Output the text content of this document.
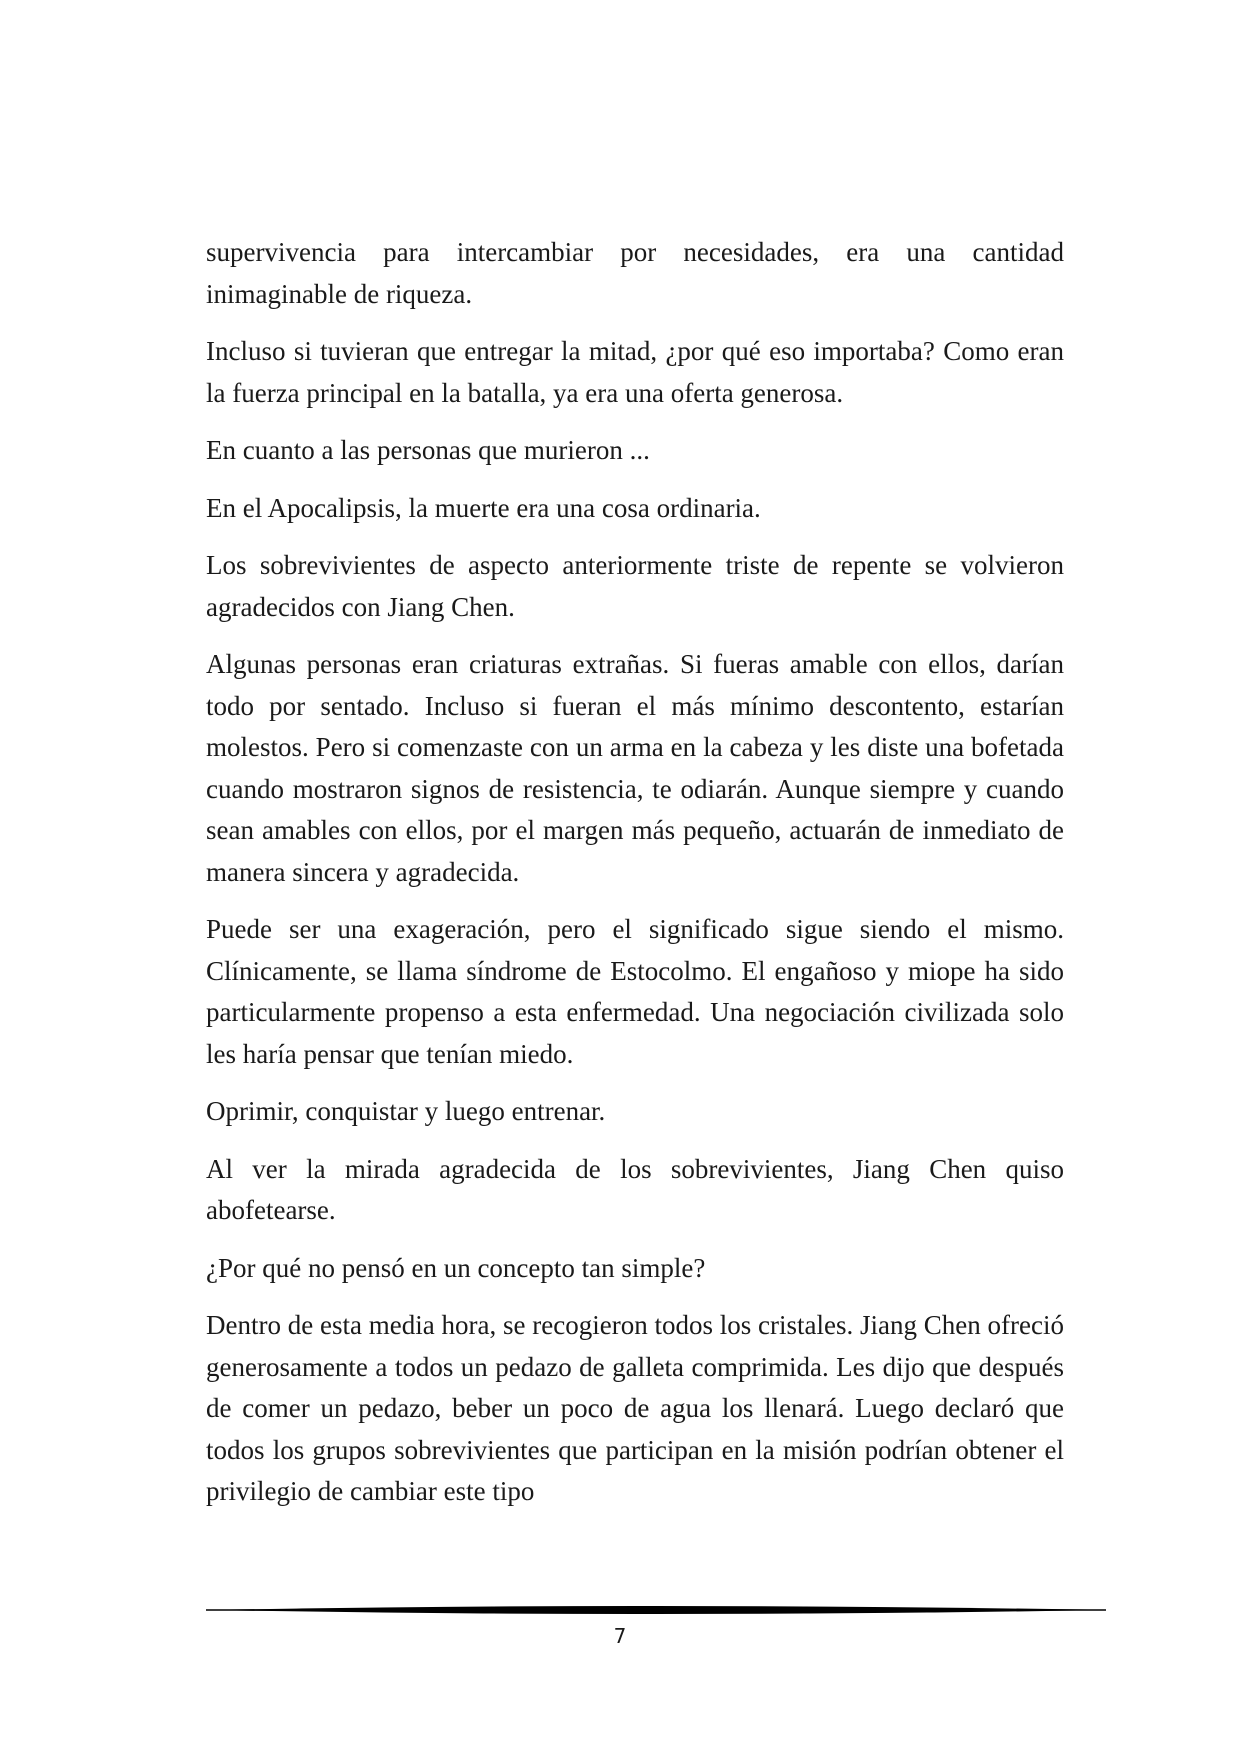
supervivencia para intercambiar por necesidades, era una cantidad inimaginable de riqueza.

Incluso si tuvieran que entregar la mitad, ¿por qué eso importaba? Como eran la fuerza principal en la batalla, ya era una oferta generosa.

En cuanto a las personas que murieron ...

En el Apocalipsis, la muerte era una cosa ordinaria.

Los sobrevivientes de aspecto anteriormente triste de repente se volvieron agradecidos con Jiang Chen.

Algunas personas eran criaturas extrañas. Si fueras amable con ellos, darían todo por sentado. Incluso si fueran el más mínimo descontento, estarían molestos. Pero si comenzaste con un arma en la cabeza y les diste una bofetada cuando mostraron signos de resistencia, te odiarán. Aunque siempre y cuando sean amables con ellos, por el margen más pequeño, actuarán de inmediato de manera sincera y agradecida.

Puede ser una exageración, pero el significado sigue siendo el mismo. Clínicamente, se llama síndrome de Estocolmo. El engañoso y miope ha sido particularmente propenso a esta enfermedad. Una negociación civilizada solo les haría pensar que tenían miedo.

Oprimir, conquistar y luego entrenar.

Al ver la mirada agradecida de los sobrevivientes, Jiang Chen quiso abofetearse.

¿Por qué no pensó en un concepto tan simple?

Dentro de esta media hora, se recogieron todos los cristales. Jiang Chen ofreció generosamente a todos un pedazo de galleta comprimida. Les dijo que después de comer un pedazo, beber un poco de agua los llenará. Luego declaró que todos los grupos sobrevivientes que participan en la misión podrían obtener el privilegio de cambiar este tipo

7
